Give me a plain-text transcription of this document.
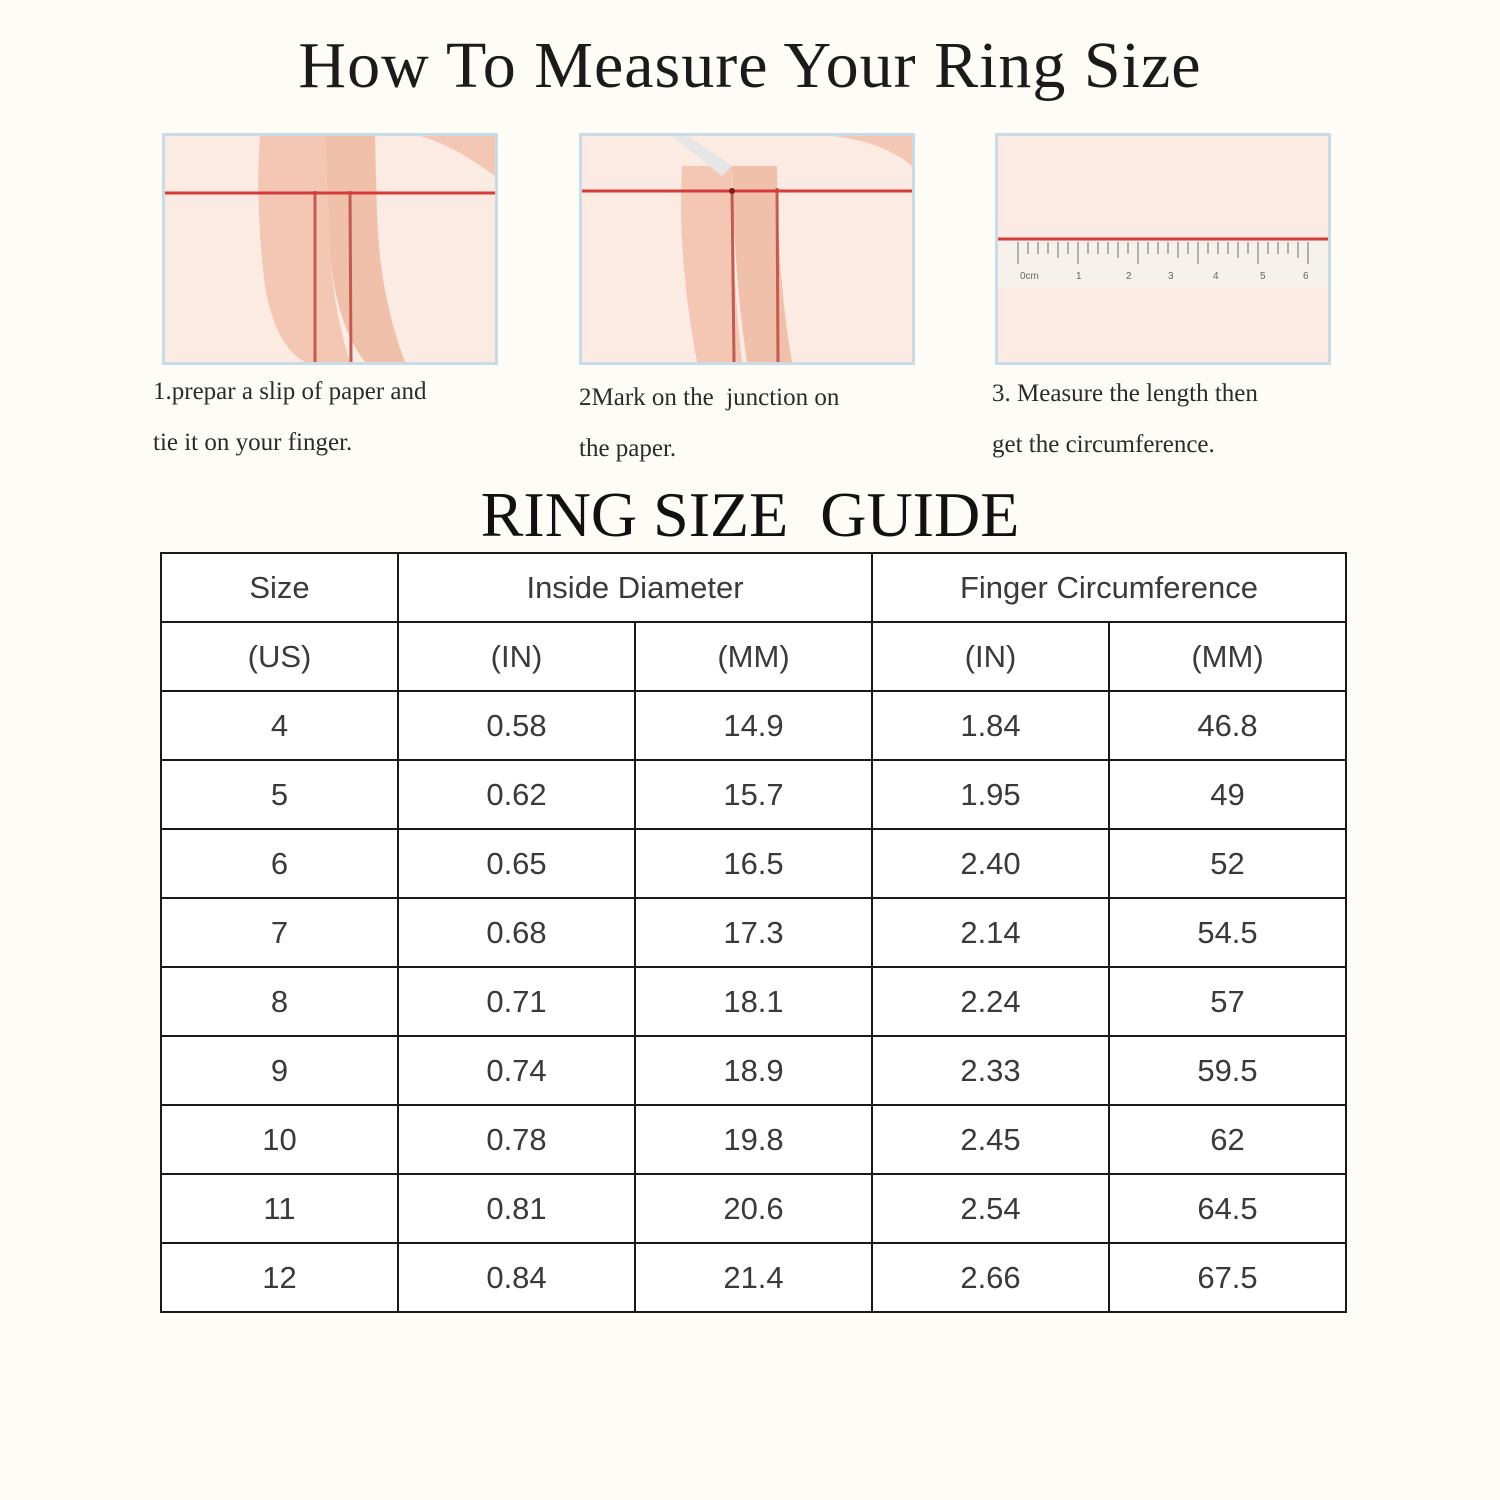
How To Measure Your Ring Size
0cm	1	2	3	4	5	6
1.prepar a slip of paper and
tie it on your finger.
2Mark on the  junction on
the paper.
3. Measure the length then
get the circumference.
RING SIZE  GUIDE
Size	Inside Diameter		Finger Circumference	
(US)	(IN)	(MM)	(IN)	(MM)
4	0.58	14.9	1.84	46.8
5	0.62	15.7	1.95	49
6	0.65	16.5	2.40	52
7	0.68	17.3	2.14	54.5
8	0.71	18.1	2.24	57
9	0.74	18.9	2.33	59.5
10	0.78	19.8	2.45	62
11	0.81	20.6	2.54	64.5
12	0.84	21.4	2.66	67.5
